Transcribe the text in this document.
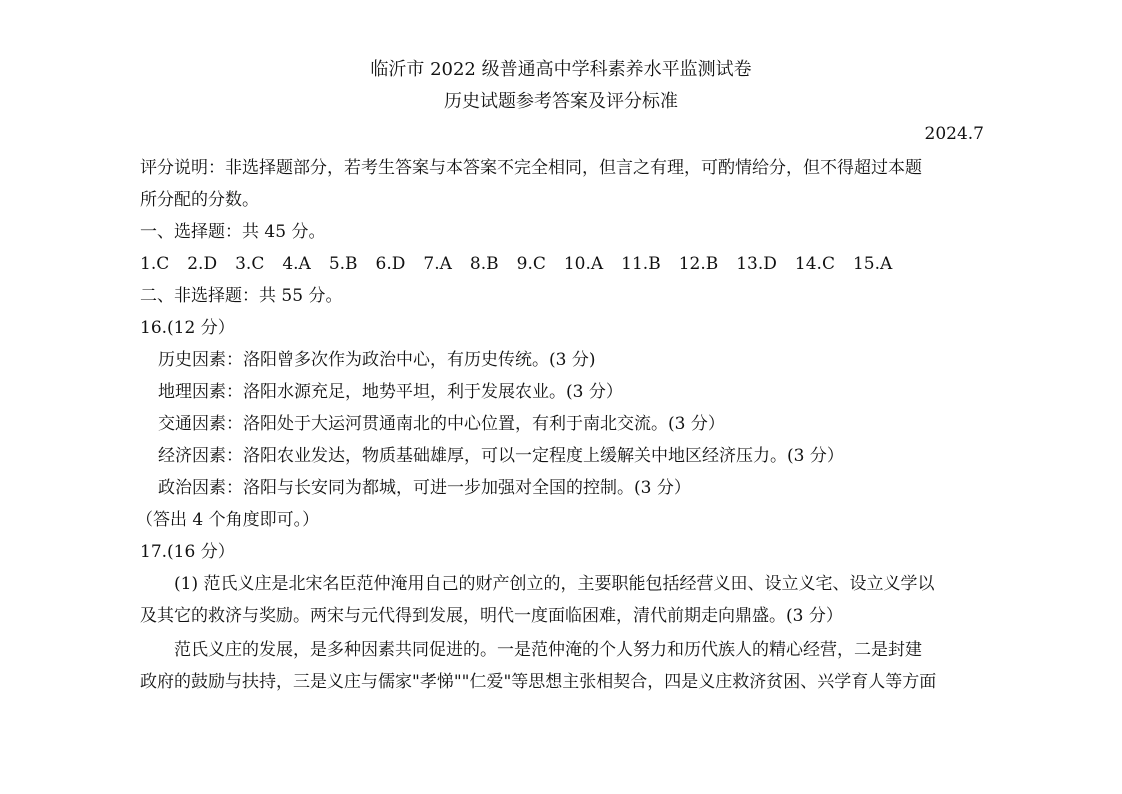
临沂市 2022 级普通高中学科素养水平监测试卷
历史试题参考答案及评分标准
2024.7
评分说明：非选择题部分，若考生答案与本答案不完全相同，但言之有理，可酌情给分，但不得超过本题
所分配的分数。
一、选择题：共 45 分。
1.C 2.D 3.C 4.A 5.B 6.D 7.A 8.B 9.C 10.A 11.B 12.B 13.D 14.C 15.A
二、非选择题：共 55 分。
16.(12 分）
历史因素：洛阳曾多次作为政治中心，有历史传统。(3 分)
地理因素：洛阳水源充足，地势平坦，利于发展农业。(3 分）
交通因素：洛阳处于大运河贯通南北的中心位置，有利于南北交流。(3 分）
经济因素：洛阳农业发达，物质基础雄厚，可以一定程度上缓解关中地区经济压力。(3 分）
政治因素：洛阳与长安同为都城，可进一步加强对全国的控制。(3 分）
（答出 4 个角度即可。）
17.(16 分）
(1) 范氏义庄是北宋名臣范仲淹用自己的财产创立的，主要职能包括经营义田、设立义宅、设立义学以
及其它的救济与奖励。两宋与元代得到发展，明代一度面临困难，清代前期走向鼎盛。(3 分）
范氏义庄的发展，是多种因素共同促进的。一是范仲淹的个人努力和历代族人的精心经营，二是封建
政府的鼓励与扶持，三是义庄与儒家"孝悌""仁爱"等思想主张相契合，四是义庄救济贫困、兴学育人等方面
